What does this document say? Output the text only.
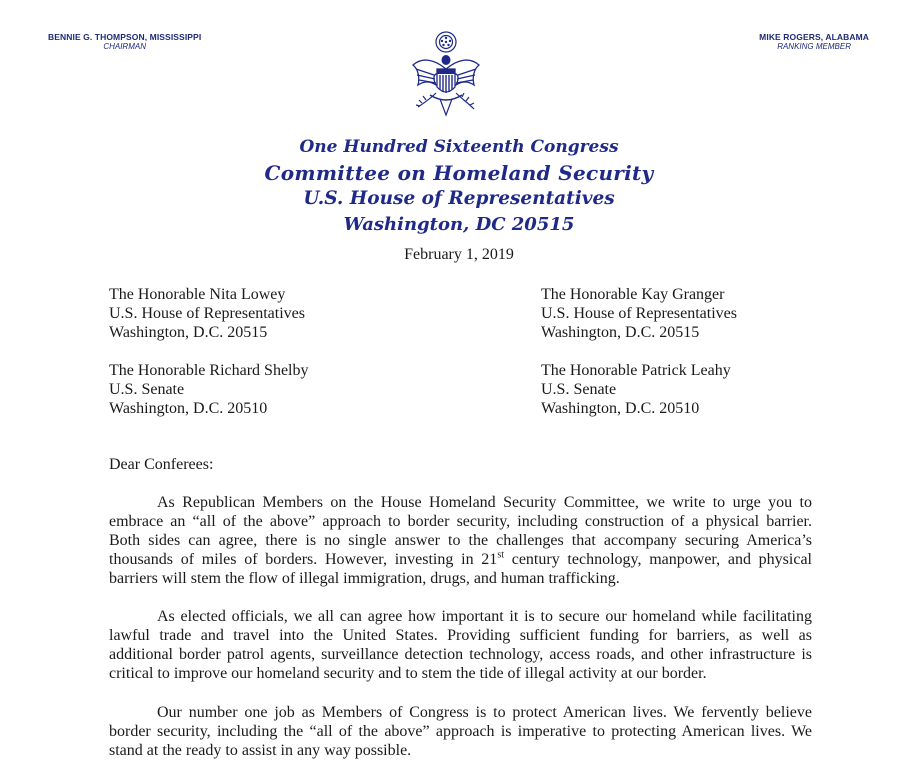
BENNIE G. THOMPSON, MISSISSIPPI
CHAIRMAN
MIKE ROGERS, ALABAMA
RANKING MEMBER
One Hundred Sixteenth Congress
Committee on Homeland Security
U.S. House of Representatives
Washington, DC 20515
February 1, 2019
The Honorable Nita Lowey
U.S. House of Representatives
Washington, D.C. 20515
The Honorable Kay Granger
U.S. House of Representatives
Washington, D.C. 20515
The Honorable Richard Shelby
U.S. Senate
Washington, D.C. 20510
The Honorable Patrick Leahy
U.S. Senate
Washington, D.C. 20510
Dear Conferees:
As Republican Members on the House Homeland Security Committee, we write to urge you to
embrace an “all of the above” approach to border security, including construction of a physical barrier.
Both sides can agree, there is no single answer to the challenges that accompany securing America’s
thousands of miles of borders. However, investing in 21st century technology, manpower, and physical
barriers will stem the flow of illegal immigration, drugs, and human trafficking.
As elected officials, we all can agree how important it is to secure our homeland while facilitating
lawful trade and travel into the United States. Providing sufficient funding for barriers, as well as
additional border patrol agents, surveillance detection technology, access roads, and other infrastructure is
critical to improve our homeland security and to stem the tide of illegal activity at our border.
Our number one job as Members of Congress is to protect American lives. We fervently believe
border security, including the “all of the above” approach is imperative to protecting American lives. We
stand at the ready to assist in any way possible.
